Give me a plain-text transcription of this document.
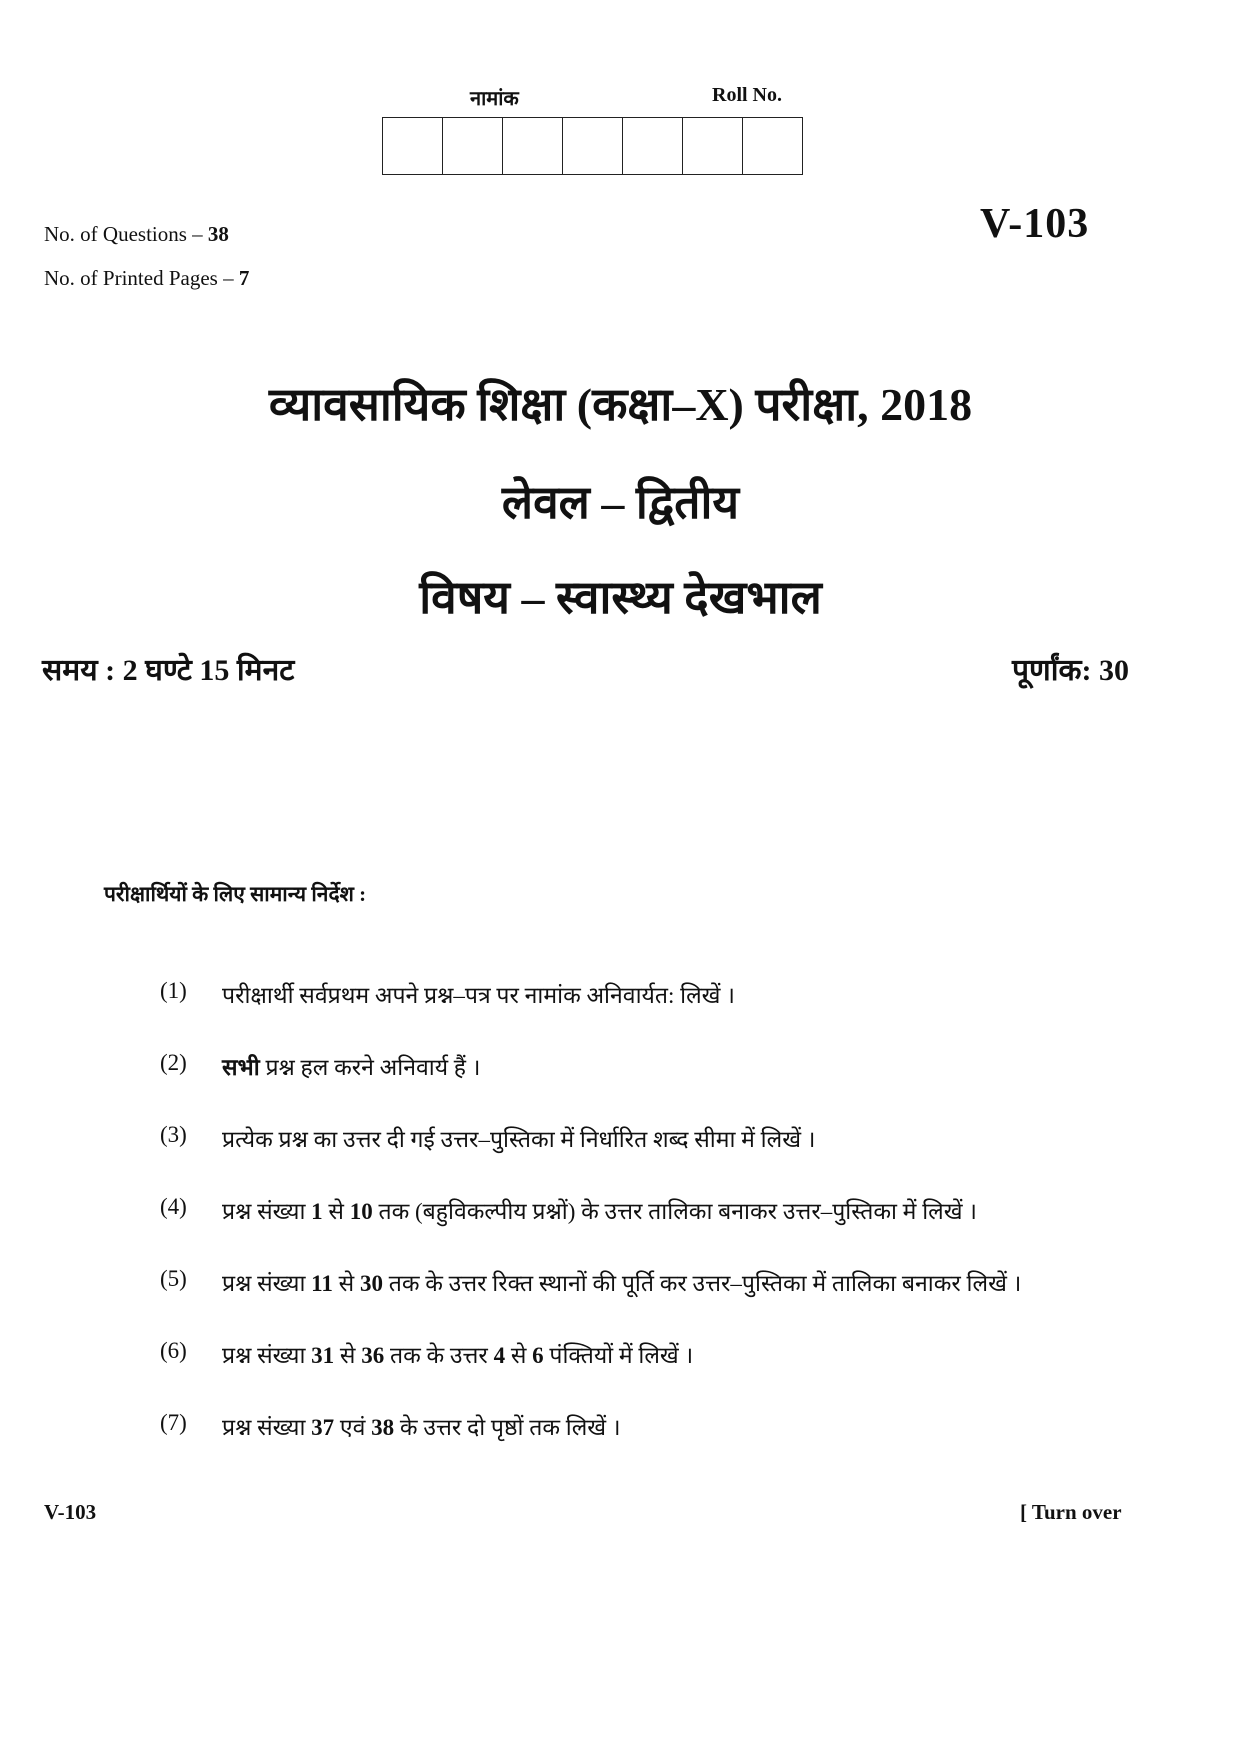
नामांक	Roll No.
No. of Questions – 38
No. of Printed Pages – 7
V-103
व्यावसायिक शिक्षा (कक्षा–X) परीक्षा, 2018
लेवल – द्वितीय
विषय – स्वास्थ्य देखभाल
समय : 2 घण्टे 15 मिनट	पूर्णांक: 30
परीक्षार्थियों के लिए सामान्य निर्देश :
(1)	परीक्षार्थी सर्वप्रथम अपने प्रश्न–पत्र पर नामांक अनिवार्यत: लिखें ।
(2)	सभी प्रश्न हल करने अनिवार्य हैं ।
(3)	प्रत्येक प्रश्न का उत्तर दी गई उत्तर–पुस्तिका में निर्धारित शब्द सीमा में लिखें ।
(4)	प्रश्न संख्या 1 से 10 तक (बहुविकल्पीय प्रश्नों) के उत्तर तालिका बनाकर उत्तर–पुस्तिका में लिखें ।
(5)	प्रश्न संख्या 11 से 30 तक के उत्तर रिक्त स्थानों की पूर्ति कर उत्तर–पुस्तिका में तालिका बनाकर लिखें ।
(6)	प्रश्न संख्या 31 से 36 तक के उत्तर 4 से 6 पंक्तियों में लिखें ।
(7)	प्रश्न संख्या 37 एवं 38 के उत्तर दो पृष्ठों तक लिखें ।
V-103	[ Turn over
